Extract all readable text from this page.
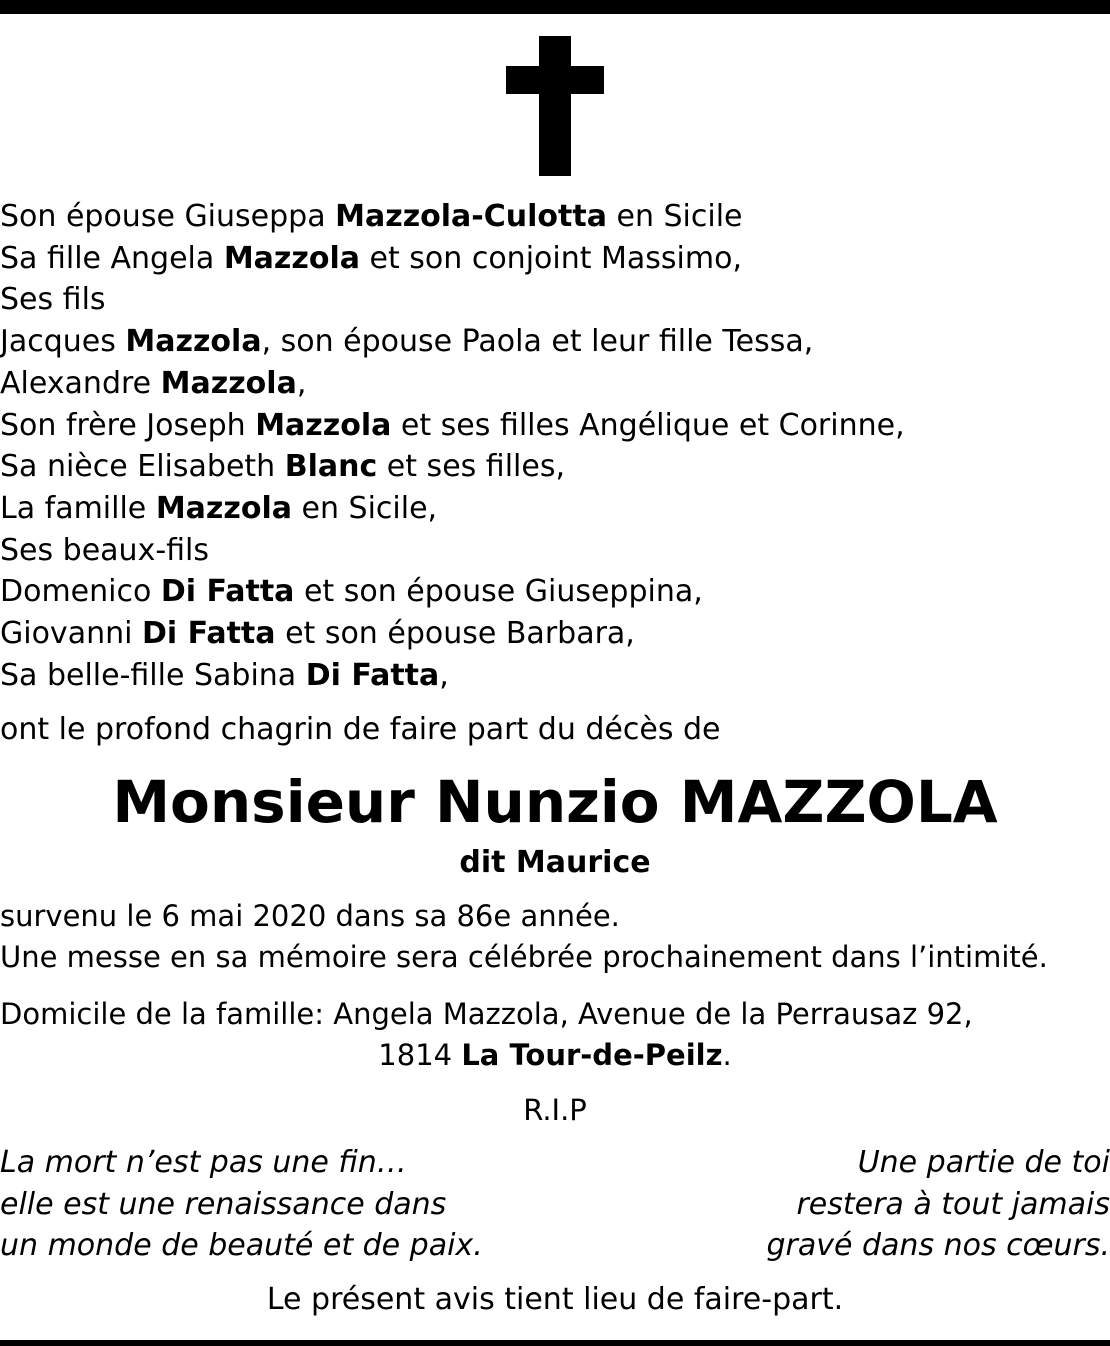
Son épouse Giuseppa Mazzola-Culotta en Sicile
Sa fille Angela Mazzola et son conjoint Massimo,
Ses fils
Jacques Mazzola, son épouse Paola et leur fille Tessa,
Alexandre Mazzola,
Son frère Joseph Mazzola et ses filles Angélique et Corinne,
Sa nièce Elisabeth Blanc et ses filles,
La famille Mazzola en Sicile,
Ses beaux-fils
Domenico Di Fatta et son épouse Giuseppina,
Giovanni Di Fatta et son épouse Barbara,
Sa belle-fille Sabina Di Fatta,
ont le profond chagrin de faire part du décès de
Monsieur Nunzio MAZZOLA
dit Maurice
survenu le 6 mai 2020 dans sa 86e année.
Une messe en sa mémoire sera célébrée prochainement dans l’intimité.
Domicile de la famille: Angela Mazzola, Avenue de la Perrausaz 92,
1814 La Tour-de-Peilz.
R.I.P
La mort n’est pas une fin…
elle est une renaissance dans
un monde de beauté et de paix.
Une partie de toi
restera à tout jamais
gravé dans nos cœurs.
Le présent avis tient lieu de faire-part.
